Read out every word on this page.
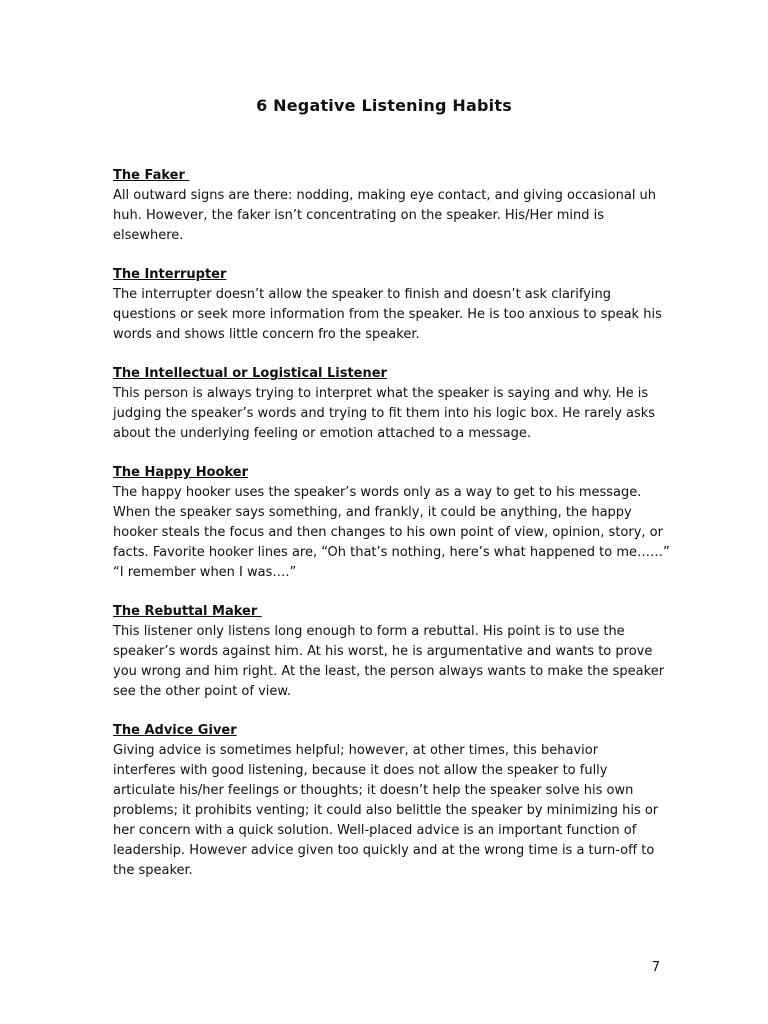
6 Negative Listening Habits
The Faker
All outward signs are there: nodding, making eye contact, and giving occasional uh
huh. However, the faker isn’t concentrating on the speaker. His/Her mind is
elsewhere.
The Interrupter
The interrupter doesn’t allow the speaker to finish and doesn’t ask clarifying
questions or seek more information from the speaker. He is too anxious to speak his
words and shows little concern fro the speaker.
The Intellectual or Logistical Listener
This person is always trying to interpret what the speaker is saying and why. He is
judging the speaker’s words and trying to fit them into his logic box. He rarely asks
about the underlying feeling or emotion attached to a message.
The Happy Hooker
The happy hooker uses the speaker’s words only as a way to get to his message.
When the speaker says something, and frankly, it could be anything, the happy
hooker steals the focus and then changes to his own point of view, opinion, story, or
facts. Favorite hooker lines are, “Oh that’s nothing, here’s what happened to me……”
“I remember when I was….”
The Rebuttal Maker
This listener only listens long enough to form a rebuttal. His point is to use the
speaker’s words against him. At his worst, he is argumentative and wants to prove
you wrong and him right. At the least, the person always wants to make the speaker
see the other point of view.
The Advice Giver
Giving advice is sometimes helpful; however, at other times, this behavior
interferes with good listening, because it does not allow the speaker to fully
articulate his/her feelings or thoughts; it doesn’t help the speaker solve his own
problems; it prohibits venting; it could also belittle the speaker by minimizing his or
her concern with a quick solution. Well-placed advice is an important function of
leadership. However advice given too quickly and at the wrong time is a turn-off to
the speaker.
7
